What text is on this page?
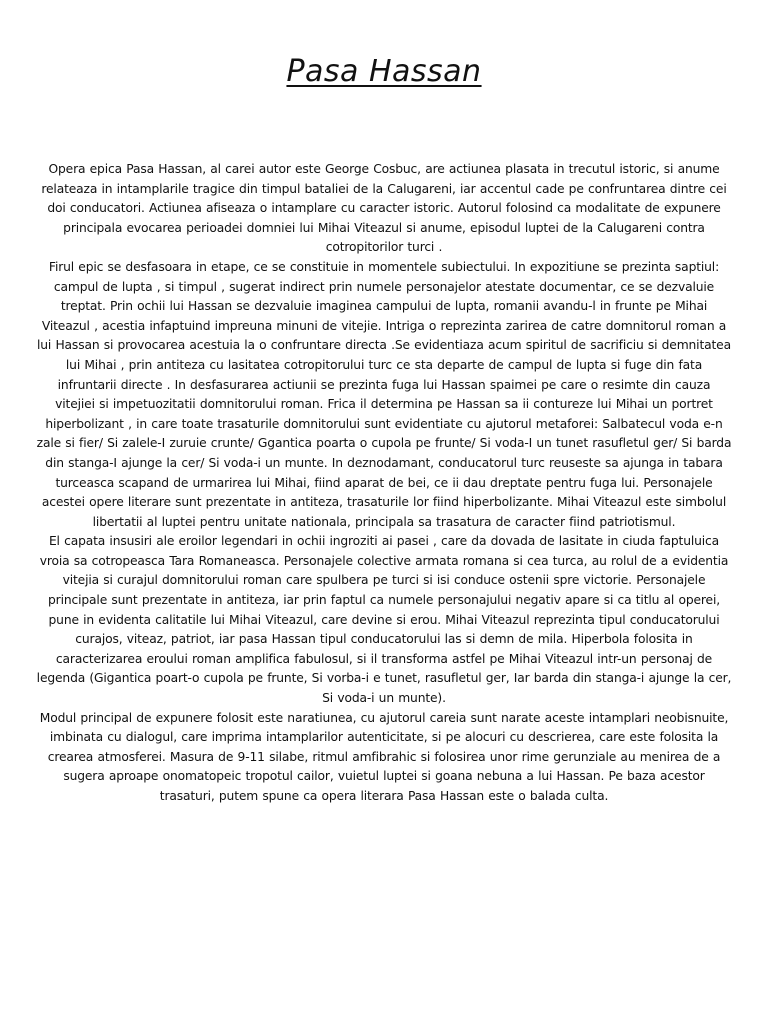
Pasa Hassan

Opera epica Pasa Hassan, al carei autor este George Cosbuc, are actiunea plasata in trecutul istoric, si anume relateaza in intamplarile tragice din timpul bataliei de la Calugareni, iar accentul cade pe confruntarea dintre cei doi conducatori. Actiunea afiseaza o intamplare cu caracter istoric. Autorul folosind ca modalitate de expunere principala evocarea perioadei domniei lui Mihai Viteazul si anume, episodul luptei de la Calugareni contra cotropitorilor turci .

Firul epic se desfasoara in etape, ce se constituie in momentele subiectului. In expozitiune se prezinta saptiul: campul de lupta , si timpul , sugerat indirect prin numele personajelor atestate documentar, ce se dezvaluie treptat. Prin ochii lui Hassan se dezvaluie imaginea campului de lupta, romanii avandu-l in frunte pe Mihai Viteazul , acestia infaptuind impreuna minuni de vitejie. Intriga o reprezinta zarirea de catre domnitorul roman a lui Hassan si provocarea acestuia la o confruntare directa .Se evidentiaza acum spiritul de sacrificiu si demnitatea lui Mihai , prin antiteza cu lasitatea cotropitorului turc ce sta departe de campul de lupta si fuge din fata infruntarii directe . In desfasurarea actiunii se prezinta fuga lui Hassan spaimei pe care o resimte din cauza vitejiei si impetuozitatii domnitorului roman. Frica il determina pe Hassan sa ii contureze lui Mihai un portret hiperbolizant , in care toate trasaturile domnitorului sunt evidentiate cu ajutorul metaforei: Salbatecul voda e-n zale si fier/ Si zalele-I zuruie crunte/ Ggantica poarta o cupola pe frunte/ Si voda-I un tunet rasufletul ger/ Si barda din stanga-I ajunge la cer/ Si voda-i un munte. In deznodamant, conducatorul turc reuseste sa ajunga in tabara turceasca scapand de urmarirea lui Mihai, fiind aparat de bei, ce ii dau dreptate pentru fuga lui. Personajele acestei opere literare sunt prezentate in antiteza, trasaturile lor fiind hiperbolizante. Mihai Viteazul este simbolul libertatii al luptei pentru unitate nationala, principala sa trasatura de caracter fiind patriotismul.

El capata insusiri ale eroilor legendari in ochii ingroziti ai pasei , care da dovada de lasitate in ciuda faptuluica vroia sa cotropeasca Tara Romaneasca. Personajele colective armata romana si cea turca, au rolul de a evidentia vitejia si curajul domnitorului roman care spulbera pe turci si isi conduce ostenii spre victorie. Personajele principale sunt prezentate in antiteza, iar prin faptul ca numele personajului negativ apare si ca titlu al operei, pune in evidenta calitatile lui Mihai Viteazul, care devine si erou. Mihai Viteazul reprezinta tipul conducatorului curajos, viteaz, patriot, iar pasa Hassan tipul conducatorului las si demn de mila. Hiperbola folosita in caracterizarea eroului roman amplifica fabulosul, si il transforma astfel pe Mihai Viteazul intr-un personaj de legenda (Gigantica poart-o cupola pe frunte, Si vorba-i e tunet, rasufletul ger, Iar barda din stanga-i ajunge la cer, Si voda-i un munte).

Modul principal de expunere folosit este naratiunea, cu ajutorul careia sunt narate aceste intamplari neobisnuite, imbinata cu dialogul, care imprima intamplarilor autenticitate, si pe alocuri cu descrierea, care este folosita la crearea atmosferei. Masura de 9-11 silabe, ritmul amfibrahic si folosirea unor rime gerunziale au menirea de a sugera aproape onomatopeic tropotul cailor, vuietul luptei si goana nebuna a lui Hassan. Pe baza acestor trasaturi, putem spune ca opera literara Pasa Hassan este o balada culta.
